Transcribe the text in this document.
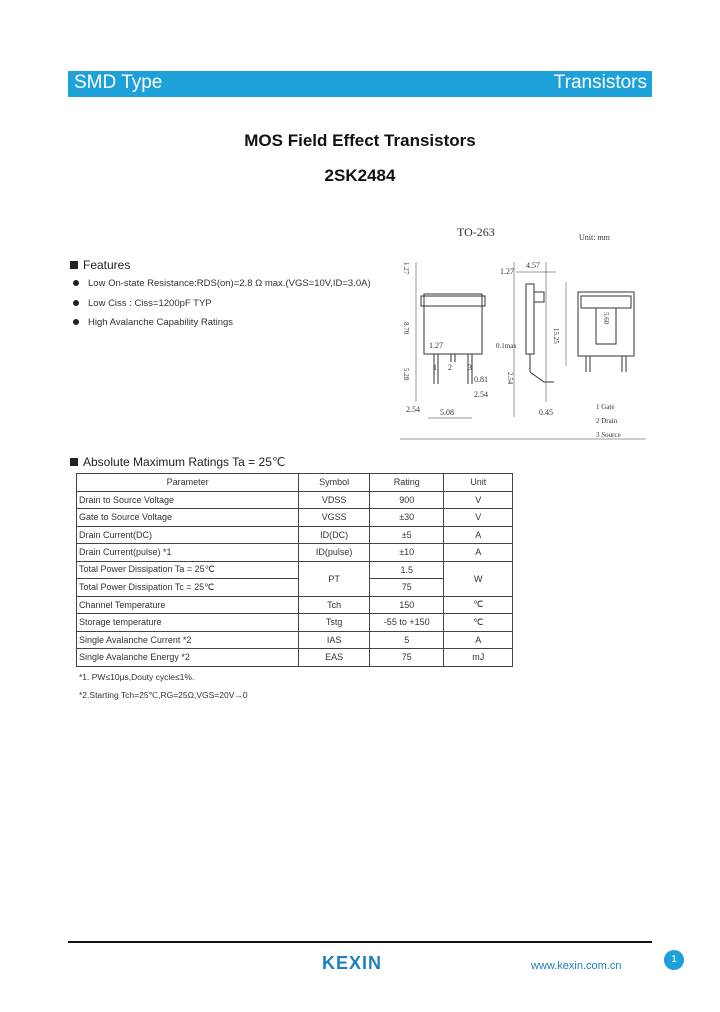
SMD Type	Transistors
MOS Field Effect Transistors
2SK2484
Features
Low On-state Resistance:RDS(on)=2.8 Ω max.(VGS=10V,ID=3.0A)
Low Ciss : Ciss=1200pF TYP
High Avalanche Capability Ratings
TO-263	Unit: mm
1.27
8.70
1.27
5.28
1 2 3
0.81
2.54
2.54	5.08
1.27
4.57
0.1max
2.54
0.45
15.25
5.60
1 Gate
2 Drain
3 Source
Absolute Maximum Ratings Ta = 25℃
Parameter	Symbol	Rating	Unit
Drain to Source Voltage	VDSS	900	V
Gate to Source Voltage	VGSS	±30	V
Drain Current(DC)	ID(DC)	±5	A
Drain Current(pulse) *1	ID(pulse)	±10	A
Total Power Dissipation Ta = 25℃	PT	1.5	W
Total Power Dissipation Tc = 25℃		75	
Channel Temperature	Tch	150	℃
Storage temperature	Tstg	-55 to +150	℃
Single Avalanche Current *2	IAS	5	A
Single Avalanche Energy *2	EAS	75	mJ
*1. PW≤10μs,Douty cycle≤1%.
*2.Starting Tch=25℃,RG=25Ω,VGS=20V→0
KEXIN	www.kexin.com.cn
1
